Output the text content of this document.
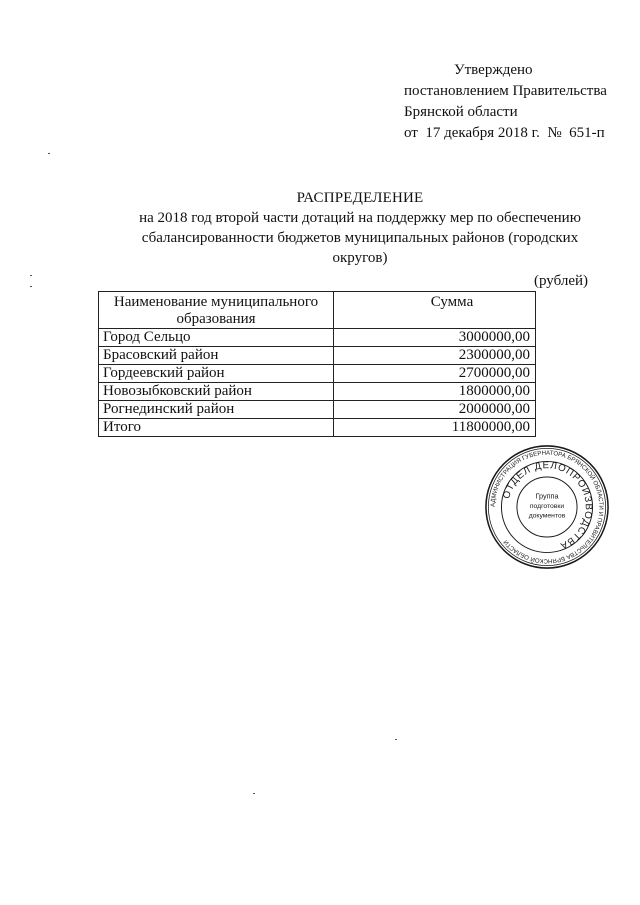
Утверждено
постановлением Правительства
Брянской области
от  17 декабря 2018 г.  №  651-п
РАСПРЕДЕЛЕНИЕ
на 2018 год второй части дотаций на поддержку мер по обеспечению
сбалансированности бюджетов муниципальных районов (городских
округов)
(рублей)
Наименование муниципального
образования	Сумма
Город Сельцо	3000000,00
Брасовский район	2300000,00
Гордеевский район	2700000,00
Новозыбковский район	1800000,00
Рогнединский район	2000000,00
Итого	11800000,00
АДМИНИСТРАЦИЯ ГУБЕРНАТОРА БРЯНСКОЙ ОБЛАСТИ И ПРАВИТЕЛЬСТВА БРЯНСКОЙ ОБЛАСТИ
ОТДЕЛ ДЕЛОПРОИЗВОДСТВА
Группа
подготовки
документов
